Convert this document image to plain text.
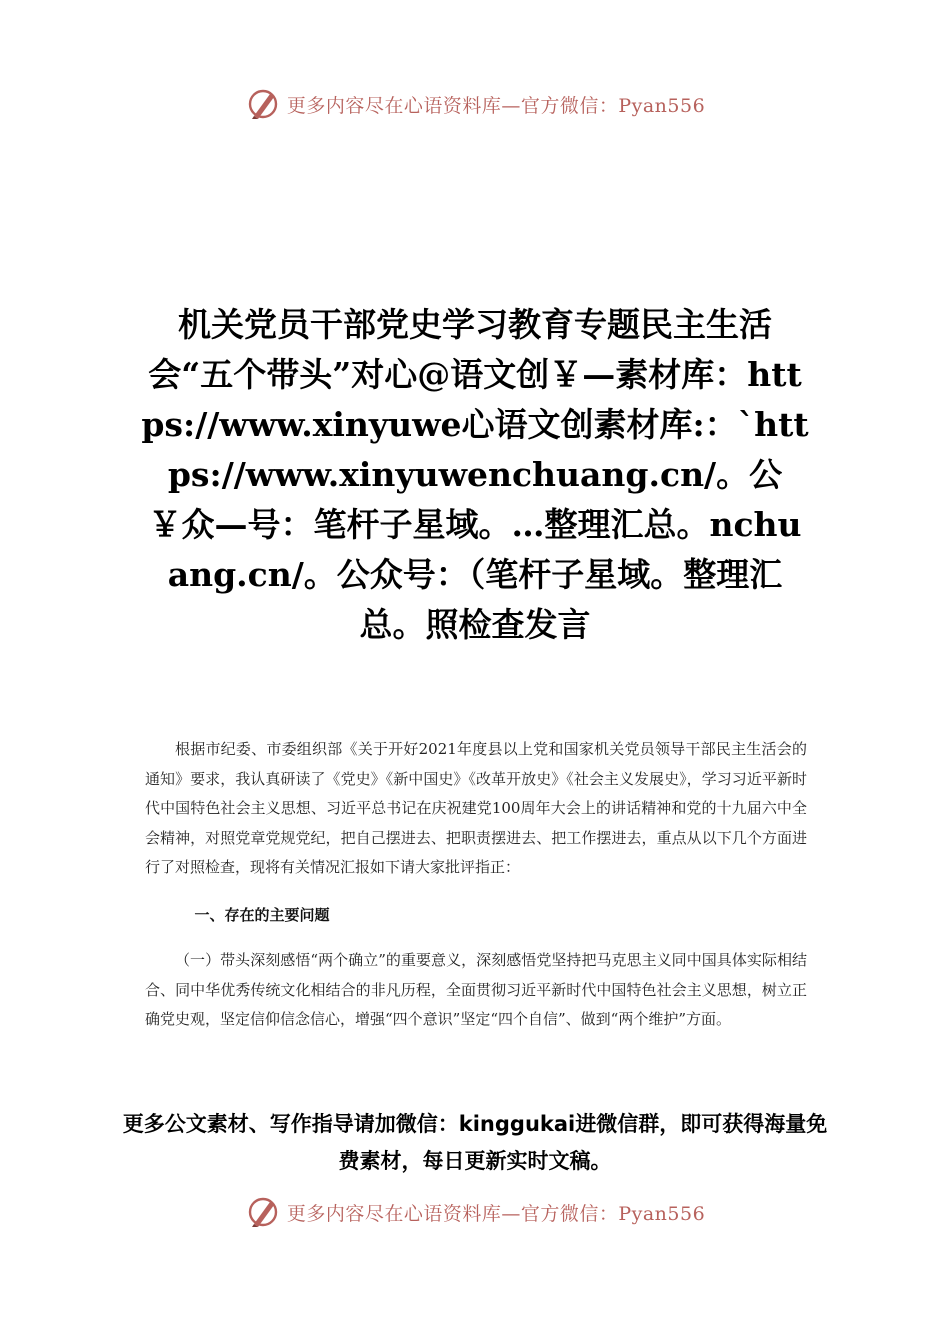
更多内容尽在心语资料库—官方微信：Pyan556
机关党员干部党史学习教育专题民主生活会“五个带头”对心@语文创￥—素材库：https://www.xinyuwe心语文创素材库:：`https://www.xinyuwenchuang.cn/。公￥众—号：笔杆子星域。…整理汇总。nchuang.cn/。公众号：（笔杆子星域。整理汇总。照检查发言

根据市纪委、市委组织部《关于开好2021年度县以上党和国家机关党员领导干部民主生活会的通知》要求，我认真研读了《党史》《新中国史》《改革开放史》《社会主义发展史》，学习习近平新时代中国特色社会主义思想、习近平总书记在庆祝建党100周年大会上的讲话精神和党的十九届六中全会精神，对照党章党规党纪，把自己摆进去、把职责摆进去、把工作摆进去，重点从以下几个方面进行了对照检查，现将有关情况汇报如下请大家批评指正：

一、存在的主要问题

（一）带头深刻感悟“两个确立”的重要意义，深刻感悟党坚持把马克思主义同中国具体实际相结合、同中华优秀传统文化相结合的非凡历程，全面贯彻习近平新时代中国特色社会主义思想，树立正确党史观，坚定信仰信念信心，增强“四个意识”坚定“四个自信”、做到“两个维护”方面。

更多公文素材、写作指导请加微信：kinggukai进微信群，即可获得海量免费素材，每日更新实时文稿。

更多内容尽在心语资料库—官方微信：Pyan556
